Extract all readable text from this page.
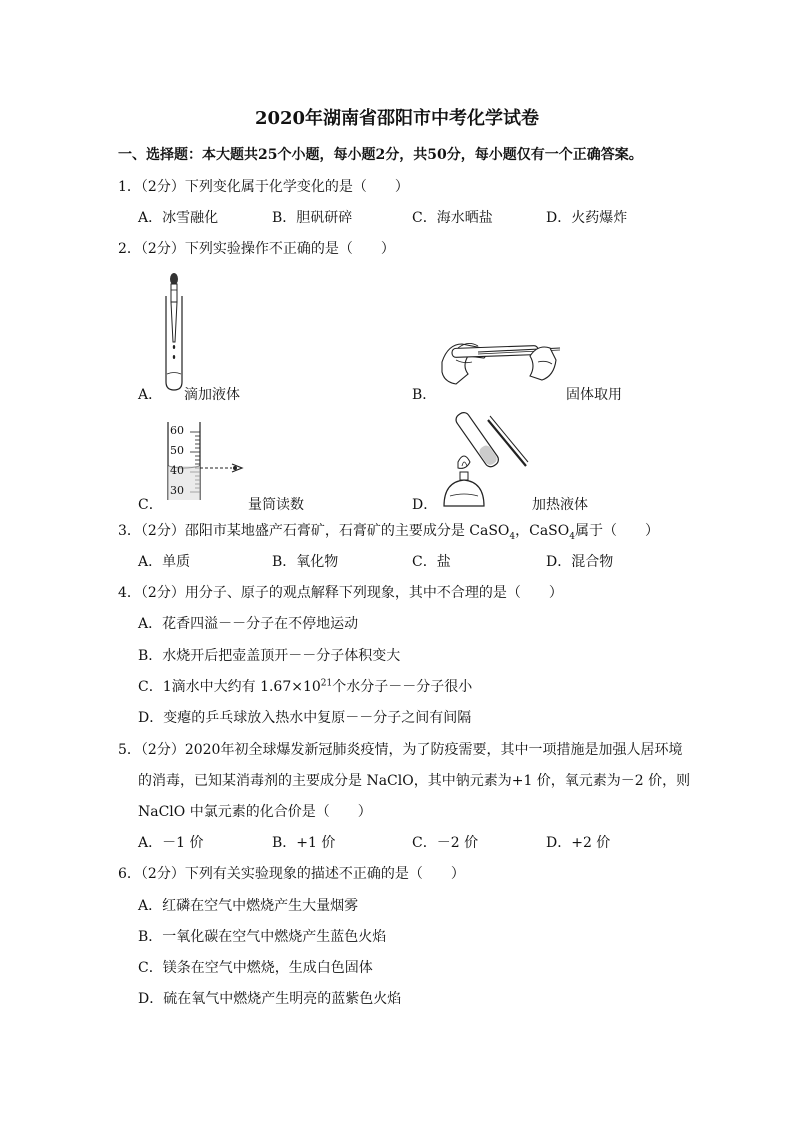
2020年湖南省邵阳市中考化学试卷
一、选择题：本大题共25个小题，每小题2分，共50分，每小题仅有一个正确答案。
1．（2分）下列变化属于化学变化的是（　　）
A．冰雪融化	B．胆矾研碎	C．海水晒盐	D．火药爆炸
2．（2分）下列实验操作不正确的是（　　）
A． 滴加液体	B．	固体取用
60
50
40
30
C．	量筒读数	D．	加热液体
3．（2分）邵阳市某地盛产石膏矿，石膏矿的主要成分是 CaSO$_4$，CaSO$_4$属于（　　）
A．单质	B．氧化物	C．盐	D．混合物
4．（2分）用分子、原子的观点解释下列现象，其中不合理的是（　　）
A．花香四溢－－分子在不停地运动
B．水烧开后把壶盖顶开－－分子体积变大
C．1滴水中大约有 $1.67\times 10^{21}$个水分子－－分子很小
D．变瘪的乒乓球放入热水中复原－－分子之间有间隔
5．（2分）2020年初全球爆发新冠肺炎疫情，为了防疫需要，其中一项措施是加强人居环境
的消毒，已知某消毒剂的主要成分是 NaClO，其中钠元素为+1 价，氧元素为－2 价，则
NaClO 中氯元素的化合价是（　　）
A．－1 价	B．+1 价	C．－2 价	D．+2 价
6．（2分）下列有关实验现象的描述不正确的是（　　）
A．红磷在空气中燃烧产生大量烟雾
B．一氧化碳在空气中燃烧产生蓝色火焰
C．镁条在空气中燃烧，生成白色固体
D．硫在氧气中燃烧产生明亮的蓝紫色火焰
